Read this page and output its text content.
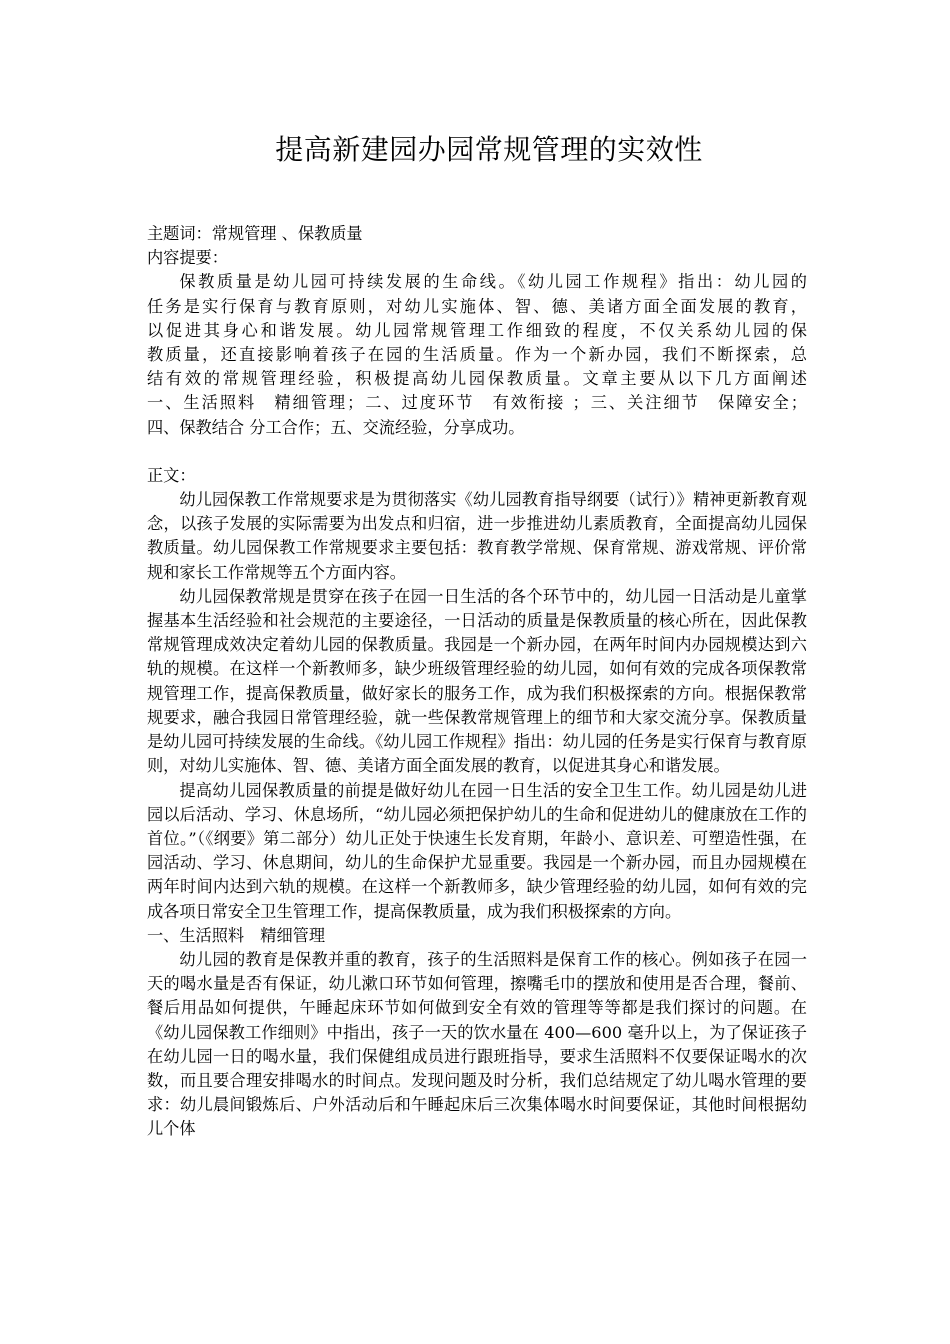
提高新建园办园常规管理的实效性
主题词：常规管理 、保教质量
内容提要：
保教质量是幼儿园可持续发展的生命线。《幼儿园工作规程》指出：幼儿园的
任务是实行保育与教育原则，对幼儿实施体、智、德、美诸方面全面发展的教育，
以促进其身心和谐发展。幼儿园常规管理工作细致的程度，不仅关系幼儿园的保
教质量，还直接影响着孩子在园的生活质量。作为一个新办园，我们不断探索，总
结有效的常规管理经验，积极提高幼儿园保教质量。文章主要从以下几方面阐述
一、生活照料　精细管理；二、过度环节　有效衔接 ；三、关注细节　保障安全；
四、保教结合 分工合作；五、交流经验，分享成功。
正文：

幼儿园保教工作常规要求是为贯彻落实《幼儿园教育指导纲要（试行）》精神更新教育观念，以孩子发展的实际需要为出发点和归宿，进一步推进幼儿素质教育，全面提高幼儿园保教质量。幼儿园保教工作常规要求主要包括：教育教学常规、保育常规、游戏常规、评价常规和家长工作常规等五个方面内容。

幼儿园保教常规是贯穿在孩子在园一日生活的各个环节中的，幼儿园一日活动是儿童掌握基本生活经验和社会规范的主要途径，一日活动的质量是保教质量的核心所在，因此保教常规管理成效决定着幼儿园的保教质量。我园是一个新办园，在两年时间内办园规模达到六轨的规模。在这样一个新教师多，缺少班级管理经验的幼儿园，如何有效的完成各项保教常规管理工作，提高保教质量，做好家长的服务工作，成为我们积极探索的方向。根据保教常规要求，融合我园日常管理经验，就一些保教常规管理上的细节和大家交流分享。保教质量是幼儿园可持续发展的生命线。《幼儿园工作规程》指出：幼儿园的任务是实行保育与教育原则，对幼儿实施体、智、德、美诸方面全面发展的教育，以促进其身心和谐发展。

提高幼儿园保教质量的前提是做好幼儿在园一日生活的安全卫生工作。幼儿园是幼儿进园以后活动、学习、休息场所，“幼儿园必须把保护幼儿的生命和促进幼儿的健康放在工作的首位。”（《纲要》第二部分）幼儿正处于快速生长发育期，年龄小、意识差、可塑造性强，在园活动、学习、休息期间，幼儿的生命保护尤显重要。我园是一个新办园，而且办园规模在两年时间内达到六轨的规模。在这样一个新教师多，缺少管理经验的幼儿园，如何有效的完成各项日常安全卫生管理工作，提高保教质量，成为我们积极探索的方向。

一、生活照料　精细管理

幼儿园的教育是保教并重的教育，孩子的生活照料是保育工作的核心。例如孩子在园一天的喝水量是否有保证，幼儿漱口环节如何管理，擦嘴毛巾的摆放和使用是否合理，餐前、餐后用品如何提供，午睡起床环节如何做到安全有效的管理等等都是我们探讨的问题。在《幼儿园保教工作细则》中指出，孩子一天的饮水量在 400—600 毫升以上，为了保证孩子在幼儿园一日的喝水量，我们保健组成员进行跟班指导，要求生活照料不仅要保证喝水的次数，而且要合理安排喝水的时间点。发现问题及时分析，我们总结规定了幼儿喝水管理的要求：幼儿晨间锻炼后、户外活动后和午睡起床后三次集体喝水时间要保证，其他时间根据幼儿个体
